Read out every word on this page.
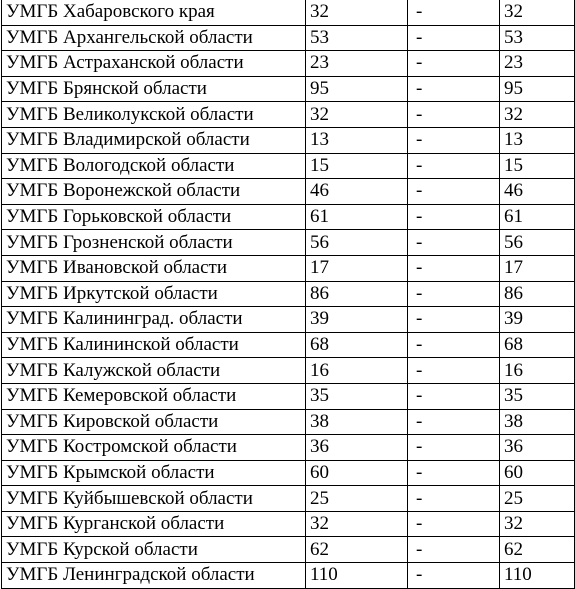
УМГБ Хабаровского края	32	-	32
УМГБ Архангельской области	53	-	53
УМГБ Астраханской области	23	-	23
УМГБ Брянской области	95	-	95
УМГБ Великолукской области	32	-	32
УМГБ Владимирской области	13	-	13
УМГБ Вологодской области	15	-	15
УМГБ Воронежской области	46	-	46
УМГБ Горьковской области	61	-	61
УМГБ Грозненской области	56	-	56
УМГБ Ивановской области	17	-	17
УМГБ Иркутской области	86	-	86
УМГБ Калининград. области	39	-	39
УМГБ Калининской области	68	-	68
УМГБ Калужской области	16	-	16
УМГБ Кемеровской области	35	-	35
УМГБ Кировской области	38	-	38
УМГБ Костромской области	36	-	36
УМГБ Крымской области	60	-	60
УМГБ Куйбышевской области	25	-	25
УМГБ Курганской области	32	-	32
УМГБ Курской области	62	-	62
УМГБ Ленинградской области	110	-	110
